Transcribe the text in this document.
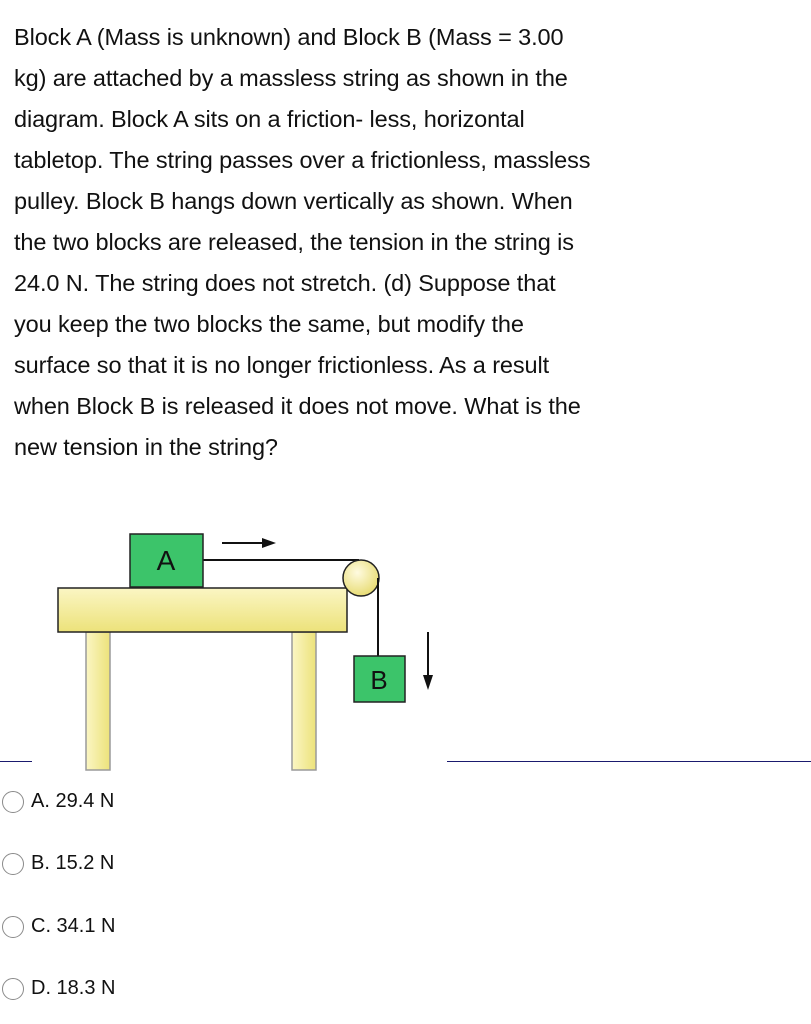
Block A (Mass is unknown) and Block B (Mass = 3.00
kg) are attached by a massless string as shown in the
diagram. Block A sits on a friction- less, horizontal
tabletop. The string passes over a frictionless, massless
pulley. Block B hangs down vertically as shown. When
the two blocks are released, the tension in the string is
24.0 N. The string does not stretch. (d) Suppose that
you keep the two blocks the same, but modify the
surface so that it is no longer frictionless. As a result
when Block B is released it does not move. What is the
new tension in the string?
A
B
A. 29.4 N
B. 15.2 N
C. 34.1 N
D. 18.3 N
